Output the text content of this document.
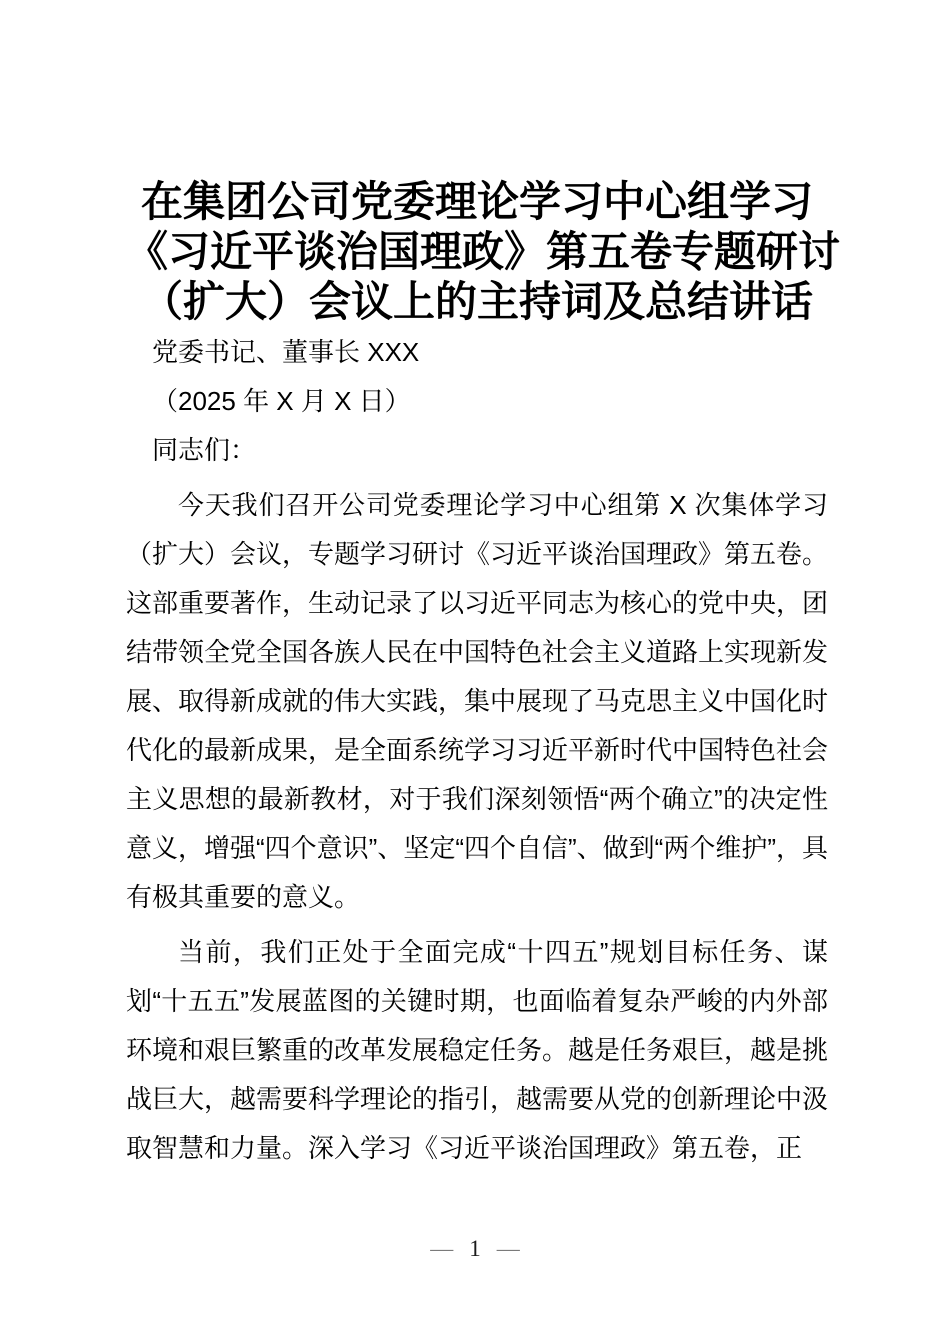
在集团公司党委理论学习中心组学习
《习近平谈治国理政》第五卷专题研讨
（扩大）会议上的主持词及总结讲话

党委书记、董事长 XXX

（2025 年 X 月 X 日）

同志们：

今天我们召开公司党委理论学习中心组第 X 次集体学习（扩大）会议，专题学习研讨《习近平谈治国理政》第五卷。这部重要著作，生动记录了以习近平同志为核心的党中央，团结带领全党全国各族人民在中国特色社会主义道路上实现新发展、取得新成就的伟大实践，集中展现了马克思主义中国化时代化的最新成果，是全面系统学习习近平新时代中国特色社会主义思想的最新教材，对于我们深刻领悟“两个确立”的决定性意义，增强“四个意识”、坚定“四个自信”、做到“两个维护”，具有极其重要的意义。

当前，我们正处于全面完成“十四五”规划目标任务、谋划“十五五”发展蓝图的关键时期，也面临着复杂严峻的内外部环境和艰巨繁重的改革发展稳定任务。越是任务艰巨，越是挑战巨大，越需要科学理论的指引，越需要从党的创新理论中汲取智慧和力量。深入学习《习近平谈治国理政》第五卷，正

— 1 —
